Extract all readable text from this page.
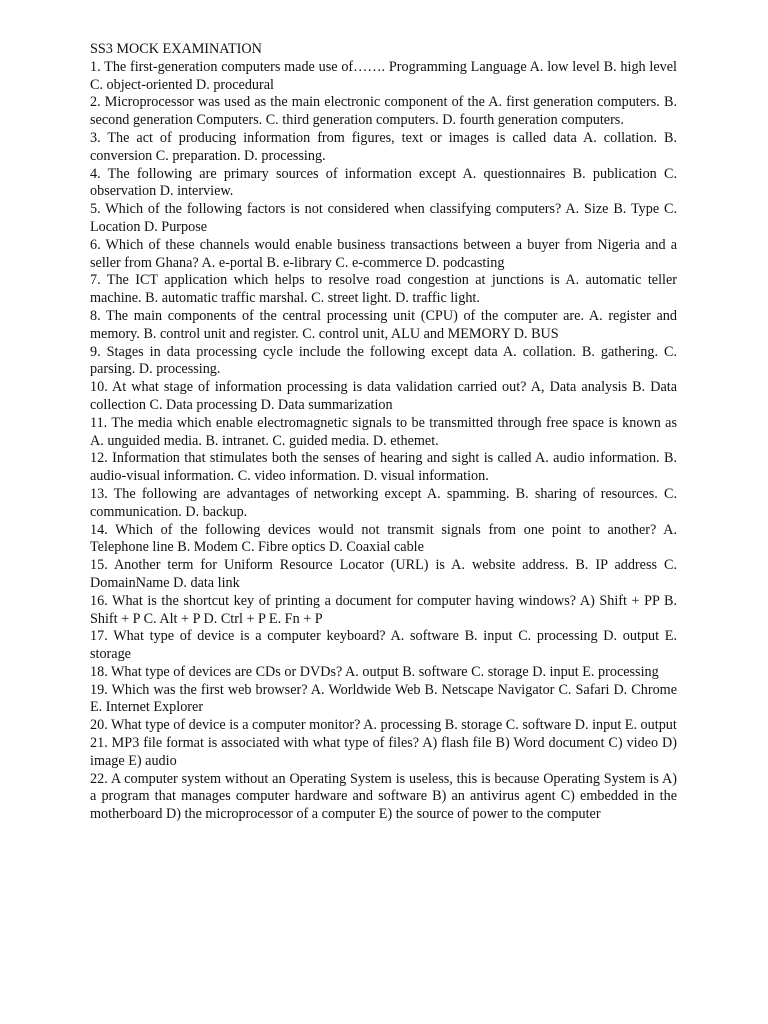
SS3 MOCK EXAMINATION

1. The first-generation computers made use of……. Programming Language A. low level B. high level C. object-oriented D. procedural

2. Microprocessor was used as the main electronic component of the A. first generation computers. B. second generation Computers. C. third generation computers. D. fourth generation computers.

3. The act of producing information from figures, text or images is called data A. collation. B. conversion C. preparation. D. processing.

4. The following are primary sources of information except A. questionnaires B. publication C. observation D. interview.

5. Which of the following factors is not considered when classifying computers? A. Size B. Type C. Location D. Purpose

6. Which of these channels would enable business transactions between a buyer from Nigeria and a seller from Ghana? A. e-portal B. e-library C. e-commerce D. podcasting

7. The ICT application which helps to resolve road congestion at junctions is A. automatic teller machine. B. automatic traffic marshal. C. street light. D. traffic light.

8. The main components of the central processing unit (CPU) of the computer are. A. register and memory. B. control unit and register. C. control unit, ALU and MEMORY D. BUS

9. Stages in data processing cycle include the following except data A. collation. B. gathering. C. parsing. D. processing.

10. At what stage of information processing is data validation carried out? A, Data analysis B. Data collection C. Data processing D. Data summarization

11. The media which enable electromagnetic signals to be transmitted through free space is known as A. unguided media. B. intranet. C. guided media. D. ethemet.

12. Information that stimulates both the senses of hearing and sight is called A. audio information. B. audio-visual information. C. video information. D. visual information.

13. The following are advantages of networking except A. spamming. B. sharing of resources. C. communication. D. backup.

14. Which of the following devices would not transmit signals from one point to another? A. Telephone line B. Modem C. Fibre optics D. Coaxial cable

15. Another term for Uniform Resource Locator (URL) is A. website address. B. IP address C. DomainName D. data link

16. What is the shortcut key of printing a document for computer having windows? A) Shift + PP B. Shift + P C. Alt + P D. Ctrl + P E. Fn + P

17. What type of device is a computer keyboard? A. software B. input C. processing D. output E. storage

18. What type of devices are CDs or DVDs? A. output B. software C. storage D. input E. processing

19. Which was the first web browser? A. Worldwide Web B. Netscape Navigator C. Safari D. Chrome E. Internet Explorer

20. What type of device is a computer monitor? A. processing B. storage C. software D. input E. output

21. MP3 file format is associated with what type of files? A) flash file B) Word document C) video D) image E) audio

22. A computer system without an Operating System is useless, this is because Operating System is A) a program that manages computer hardware and software B) an antivirus agent C) embedded in the motherboard D) the microprocessor of a computer E) the source of power to the computer
